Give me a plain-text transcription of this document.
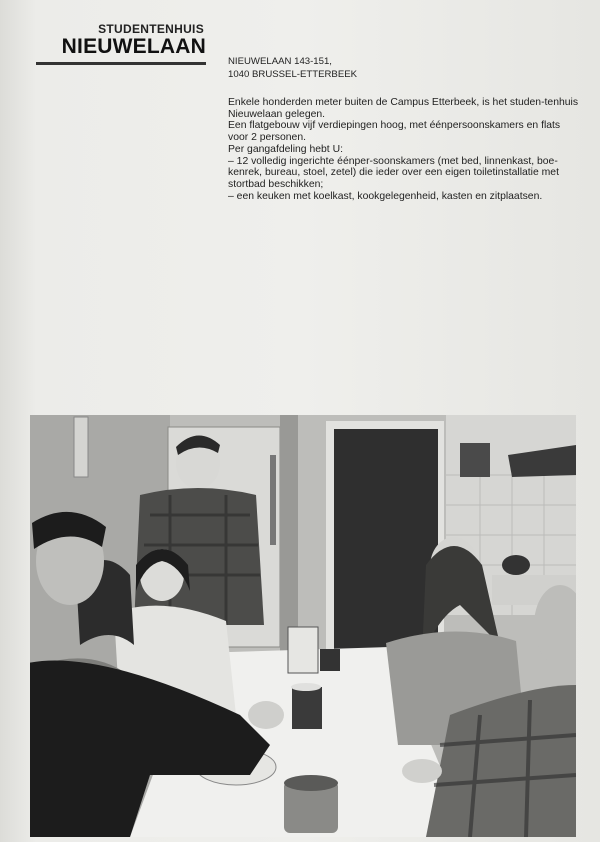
STUDENTENHUIS
NIEUWELAAN
NIEUWELAAN 143-151,
1040 BRUSSEL-ETTERBEEK

Enkele honderden meter buiten de Campus Etterbeek, is het studen-tenhuis Nieuwelaan gelegen.

Een flatgebouw vijf verdiepingen hoog, met éénpersoonskamers en flats voor 2 personen.

Per gangafdeling hebt U:

– 12 volledig ingerichte éénper-soonskamers (met bed, linnenkast, boe-kenrek, bureau, stoel, zetel) die ieder over een eigen toiletinstallatie met stortbad beschikken;

– een keuken met koelkast, kookgelegenheid, kasten en zitplaatsen.
